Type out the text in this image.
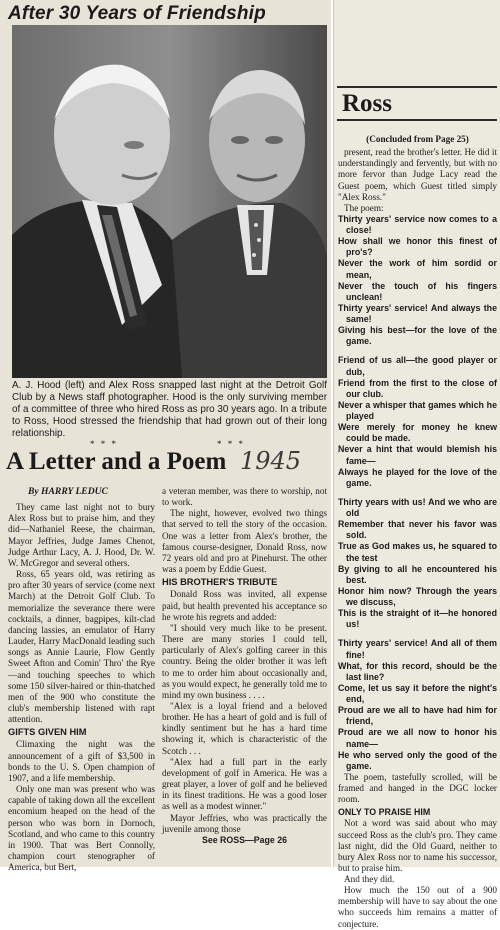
After 30 Years of Friendship
A. J. Hood (left) and Alex Ross snapped last night at the Detroit Golf Club by a News staff photographer. Hood is the only surviving member of a committee of three who hired Ross as pro 30 years ago. In a tribute to Ross, Hood stressed the friendship that had grown out of their long relationship.
* * *	* * *
A Letter and a Poem 1945

By HARRY LEDUC

They came last night not to bury Alex Ross but to praise him, and they did—Nathaniel Reese, the chairman, Mayor Jeffries, Judge James Chenot, Judge Arthur Lacy, A. J. Hood, Dr. W. W. McGregor and several others.

Ross, 65 years old, was retiring as pro after 30 years of service (come next March) at the Detroit Golf Club. To memorialize the severance there were cocktails, a dinner, bagpipes, kilt-clad dancing lassies, an emulator of Harry Lauder, Harry MacDonald leading such songs as Annie Laurie, Flow Gently Sweet Afton and Comin' Thro' the Rye —and touching speeches to which some 150 silver-haired or thin-thatched men of the 900 who constitute the club's membership listened with rapt attention.

GIFTS GIVEN HIM

Climaxing the night was the announcement of a gift of $3,500 in bonds to the U. S. Open champion of 1907, and a life membership.

Only one man was present who was capable of taking down all the excellent encomium heaped on the head of the person who was born in Dornoch, Scotland, and who came to this country in 1900. That was Bert Connolly, champion court stenographer of America, but Bert,

a veteran member, was there to worship, not to work.

The night, however, evolved two things that served to tell the story of the occasion. One was a letter from Alex's brother, the famous course-designer, Donald Ross, now 72 years old and pro at Pinehurst. The other was a poem by Eddie Guest.

HIS BROTHER'S TRIBUTE

Donald Ross was invited, all expense paid, but health prevented his acceptance so he wrote his regrets and added:

"I should very much like to be present. There are many stories I could tell, particularly of Alex's golfing career in this country. Being the older brother it was left to me to order him about occasionally and, as you would expect, he generally told me to mind my own business . . . .

"Alex is a loyal friend and a beloved brother. He has a heart of gold and is full of kindly sentiment but he has a hard time showing it, which is characteristic of the Scotch . . .

"Alex had a full part in the early development of golf in America. He was a great player, a lover of golf and he believed in its finest traditions. He was a good loser as well as a modest winner."

Mayor Jeffries, who was practically the juvenile among those

See ROSS—Page 26

Ross

(Concluded from Page 25)

present, read the brother's letter. He did it understandingly and fervently, but with no more fervor than Judge Lacy read the Guest poem, which Guest titled simply "Alex Ross."

The poem:

Thirty years' service now comes to a close!

How shall we honor this finest of pro's?

Never the work of him sordid or mean,

Never the touch of his fingers unclean!

Thirty years' service! And always the same!

Giving his best—for the love of the game.

Friend of us all—the good player or dub,

Friend from the first to the close of our club.

Never a whisper that games which he played

Were merely for money he knew could be made.

Never a hint that would blemish his fame—

Always he played for the love of the game.

Thirty years with us! And we who are old

Remember that never his favor was sold.

True as God makes us, he squared to the test

By giving to all he encountered his best.

Honor him now? Through the years we discuss,

This is the straight of it—he honored us!

Thirty years' service! And all of them fine!

What, for this record, should be the last line?

Come, let us say it before the night's end,

Proud are we all to have had him for friend,

Proud are we all now to honor his name—

He who served only the good of the game.

The poem, tastefully scrolled, will be framed and hanged in the DGC locker room.

ONLY TO PRAISE HIM

Not a word was said about who may succeed Ross as the club's pro. They came last night, did the Old Guard, neither to bury Alex Ross nor to name his successor, but to praise him.

And they did.

How much the 150 out of a 900 membership will have to say about the one who succeeds him remains a matter of conjecture.
